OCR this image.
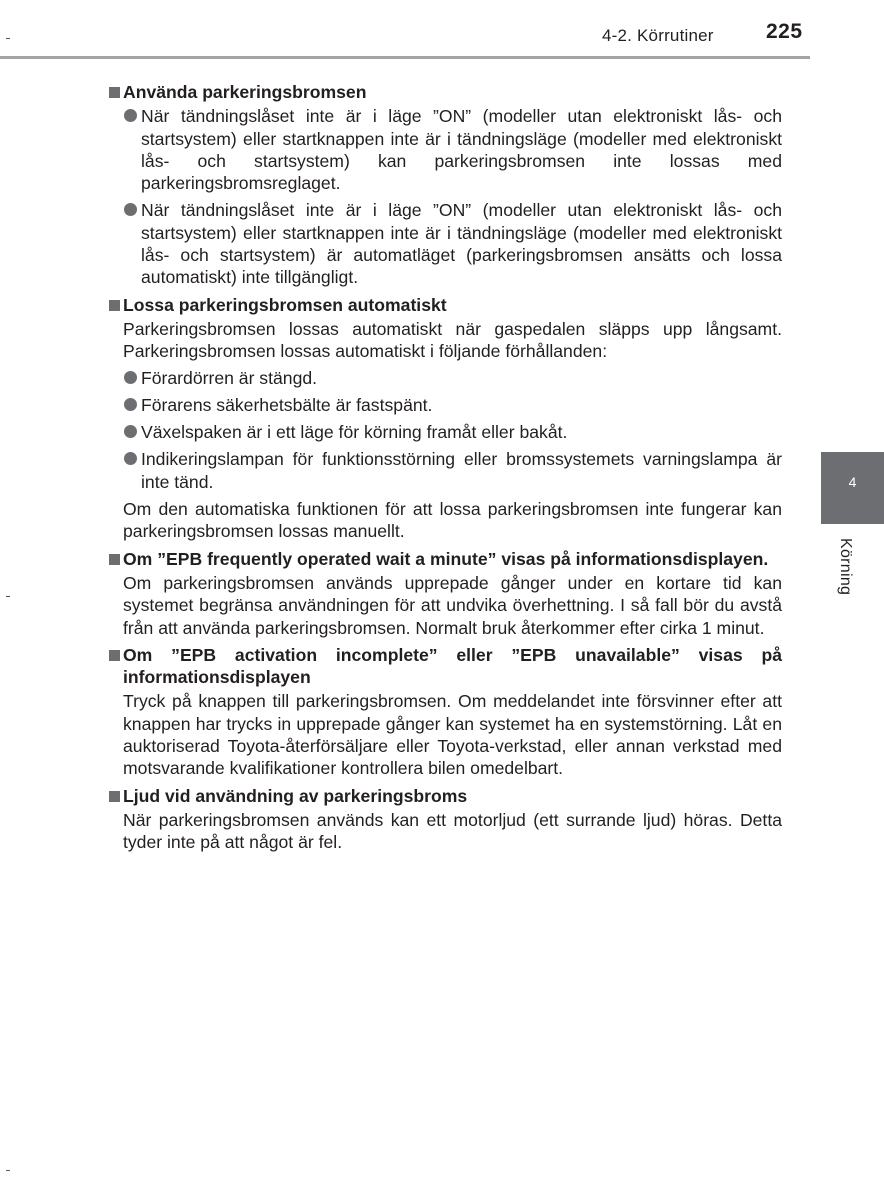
4-2. Körrutiner 225
4
Körning
Använda parkeringsbromsen
När tändningslåset inte är i läge ”ON” (modeller utan elektroniskt lås- och startsystem) eller startknappen inte är i tändningsläge (modeller med elektroniskt lås- och startsystem) kan parkeringsbromsen inte lossas med parkeringsbromsreglaget.
När tändningslåset inte är i läge ”ON” (modeller utan elektroniskt lås- och startsystem) eller startknappen inte är i tändningsläge (modeller med elektroniskt lås- och startsystem) är automatläget (parkeringsbromsen ansätts och lossa automatiskt) inte tillgängligt.
Lossa parkeringsbromsen automatiskt
Parkeringsbromsen lossas automatiskt när gaspedalen släpps upp långsamt. Parkeringsbromsen lossas automatiskt i följande förhållanden:
Förardörren är stängd.
Förarens säkerhetsbälte är fastspänt.
Växelspaken är i ett läge för körning framåt eller bakåt.
Indikeringslampan för funktionsstörning eller bromssystemets varningslampa är inte tänd.
Om den automatiska funktionen för att lossa parkeringsbromsen inte fungerar kan parkeringsbromsen lossas manuellt.
Om ”EPB frequently operated wait a minute” visas på informationsdisplayen.
Om parkeringsbromsen används upprepade gånger under en kortare tid kan systemet begränsa användningen för att undvika överhettning. I så fall bör du avstå från att använda parkeringsbromsen. Normalt bruk återkommer efter cirka 1 minut.
Om ”EPB activation incomplete” eller ”EPB unavailable” visas på informationsdisplayen
Tryck på knappen till parkeringsbromsen. Om meddelandet inte försvinner efter att knappen har trycks in upprepade gånger kan systemet ha en systemstörning. Låt en auktoriserad Toyota-återförsäljare eller Toyota-verkstad, eller annan verkstad med motsvarande kvalifikationer kontrollera bilen omedelbart.
Ljud vid användning av parkeringsbroms
När parkeringsbromsen används kan ett motorljud (ett surrande ljud) höras. Detta tyder inte på att något är fel.
